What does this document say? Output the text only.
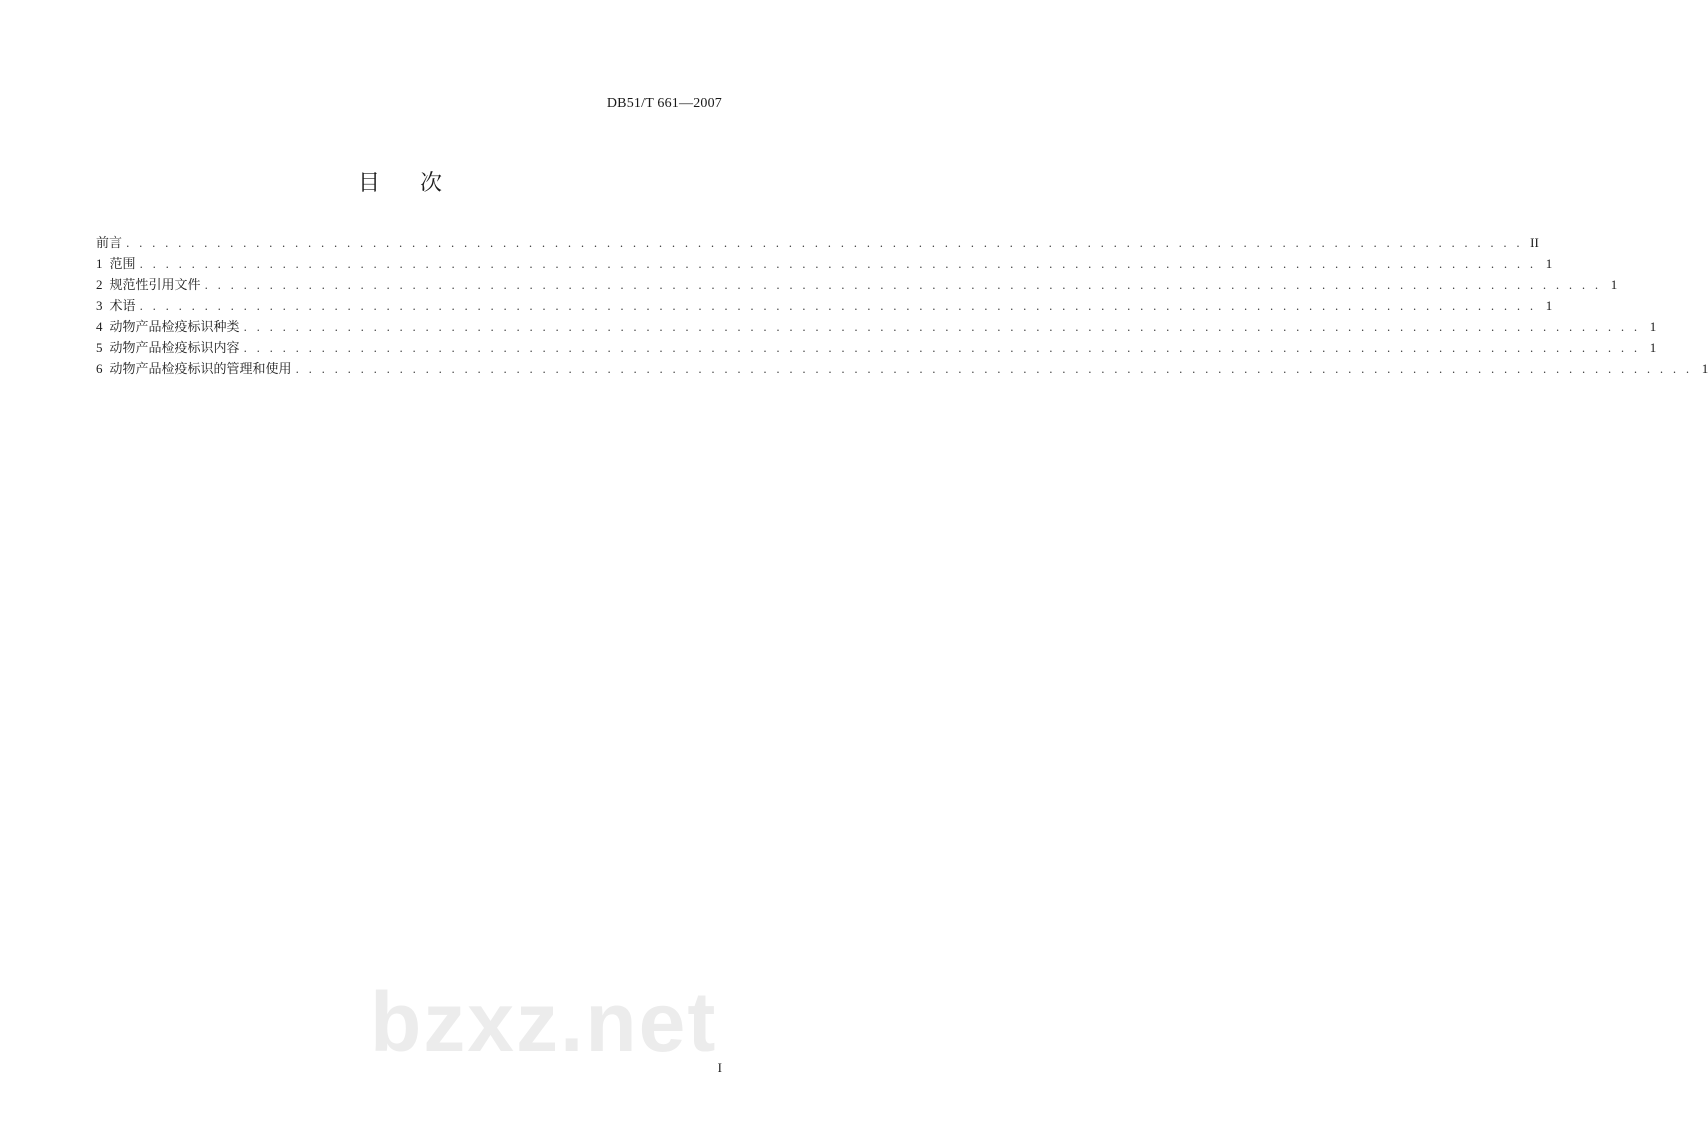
DB51/T 661—2007
目次
前言 . . . . . . . . . . . . . . . . . . . . . . . . . . . . . . . . . . . . . . . . . . . . . . . . . . . . . . . . . . . . . . . . . . . . . . . . . . . . . . . . . . . . . . . . . . . . . . . . . . . . . . . . . . . . II
1 范围 . . . . . . . . . . . . . . . . . . . . . . . . . . . . . . . . . . . . . . . . . . . . . . . . . . . . . . . . . . . . . . . . . . . . . . . . . . . . . . . . . . . . . . . . . . . . . . . . . . . . . . . . . . . . 1
2 规范性引用文件 . . . . . . . . . . . . . . . . . . . . . . . . . . . . . . . . . . . . . . . . . . . . . . . . . . . . . . . . . . . . . . . . . . . . . . . . . . . . . . . . . . . . . . . . . . . . . . . . . . . . . . . . . . . . 1
3 术语 . . . . . . . . . . . . . . . . . . . . . . . . . . . . . . . . . . . . . . . . . . . . . . . . . . . . . . . . . . . . . . . . . . . . . . . . . . . . . . . . . . . . . . . . . . . . . . . . . . . . . . . . . . . . 1
4 动物产品检疫标识种类 . . . . . . . . . . . . . . . . . . . . . . . . . . . . . . . . . . . . . . . . . . . . . . . . . . . . . . . . . . . . . . . . . . . . . . . . . . . . . . . . . . . . . . . . . . . . . . . . . . . . . . . . . . . . 1
5 动物产品检疫标识内容 . . . . . . . . . . . . . . . . . . . . . . . . . . . . . . . . . . . . . . . . . . . . . . . . . . . . . . . . . . . . . . . . . . . . . . . . . . . . . . . . . . . . . . . . . . . . . . . . . . . . . . . . . . . . 1
6 动物产品检疫标识的管理和使用 . . . . . . . . . . . . . . . . . . . . . . . . . . . . . . . . . . . . . . . . . . . . . . . . . . . . . . . . . . . . . . . . . . . . . . . . . . . . . . . . . . . . . . . . . . . . . . . . . . . . . . . . . . . . 1
bzxz.net I
